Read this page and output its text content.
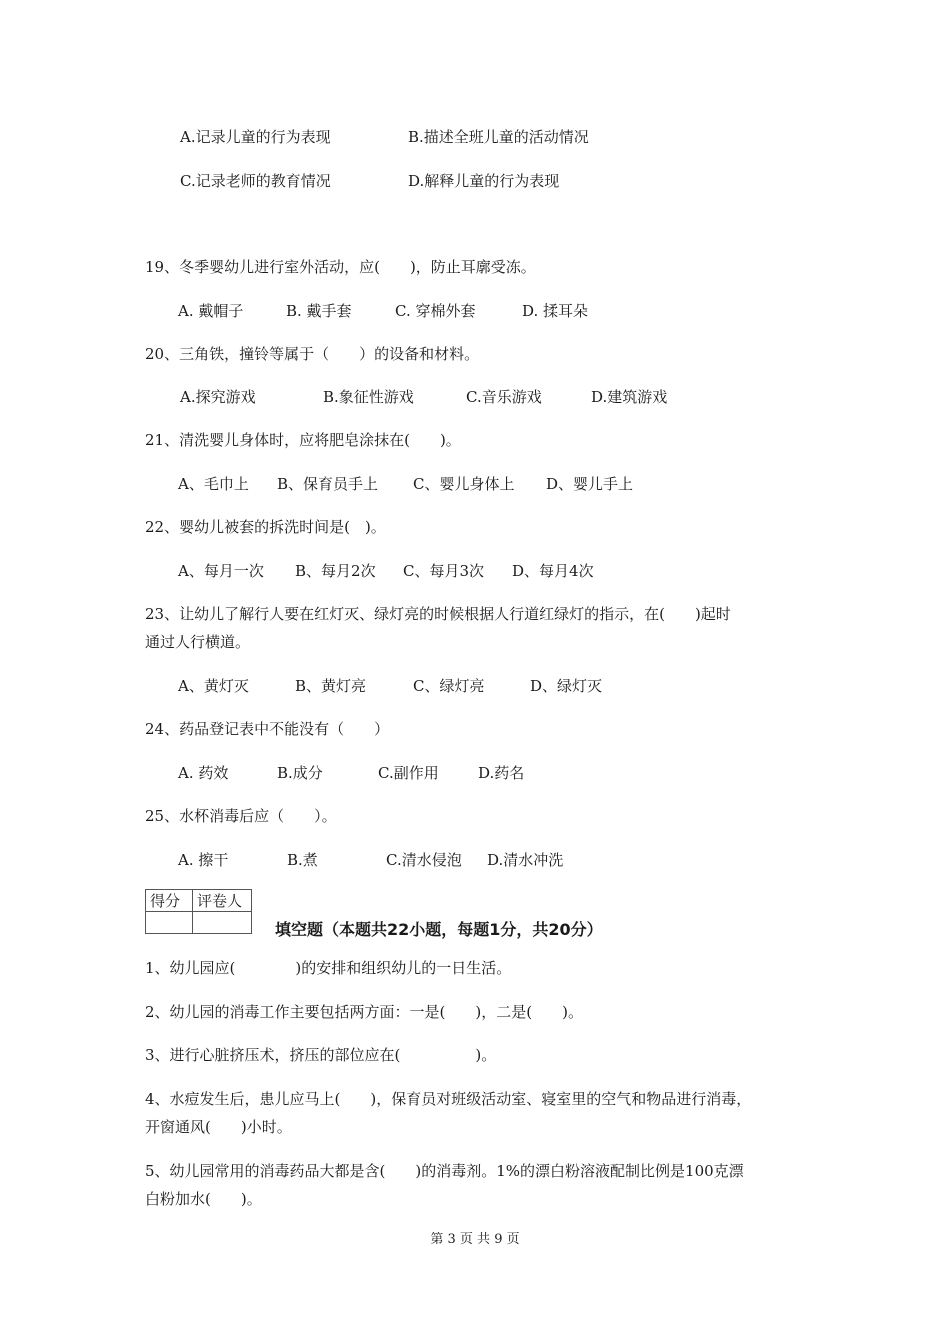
A.记录儿童的行为表现	B.描述全班儿童的活动情况
C.记录老师的教育情况	D.解释儿童的行为表现
19、冬季婴幼儿进行室外活动，应(　　)，防止耳廓受冻。
A. 戴帽子	B. 戴手套	C. 穿棉外套	D. 揉耳朵
20、三角铁，撞铃等属于（　　）的设备和材料。
A.探究游戏	B.象征性游戏	C.音乐游戏	D.建筑游戏
21、清洗婴儿身体时，应将肥皂涂抹在(　　)。
A、毛巾上 B、保育员手上 C、婴儿身体上 D、婴儿手上
22、婴幼儿被套的拆洗时间是(　)。
A、每月一次 B、每月2次 C、每月3次 D、每月4次
23、让幼儿了解行人要在红灯灭、绿灯亮的时候根据人行道红绿灯的指示，在(　　)起时
通过人行横道。
A、黄灯灭	B、黄灯亮	C、绿灯亮	D、绿灯灭
24、药品登记表中不能没有（　　）
A. 药效	B.成分	C.副作用	D.药名
25、水杯消毒后应（　　）。
A. 擦干	B.煮	C.清水侵泡 D.清水冲洗
得分	评卷人

填空题（本题共22小题，每题1分，共20分）
1、幼儿园应(　　　　)的安排和组织幼儿的一日生活。
2、幼儿园的消毒工作主要包括两方面：一是(　　)，二是(　　)。
3、进行心脏挤压术，挤压的部位应在(　　　　　)。
4、水痘发生后，患儿应马上(　　)，保育员对班级活动室、寝室里的空气和物品进行消毒，
开窗通风(　　)小时。
5、幼儿园常用的消毒药品大都是含(　　)的消毒剂。1%的漂白粉溶液配制比例是100克漂
白粉加水(　　)。
第 3 页 共 9 页
